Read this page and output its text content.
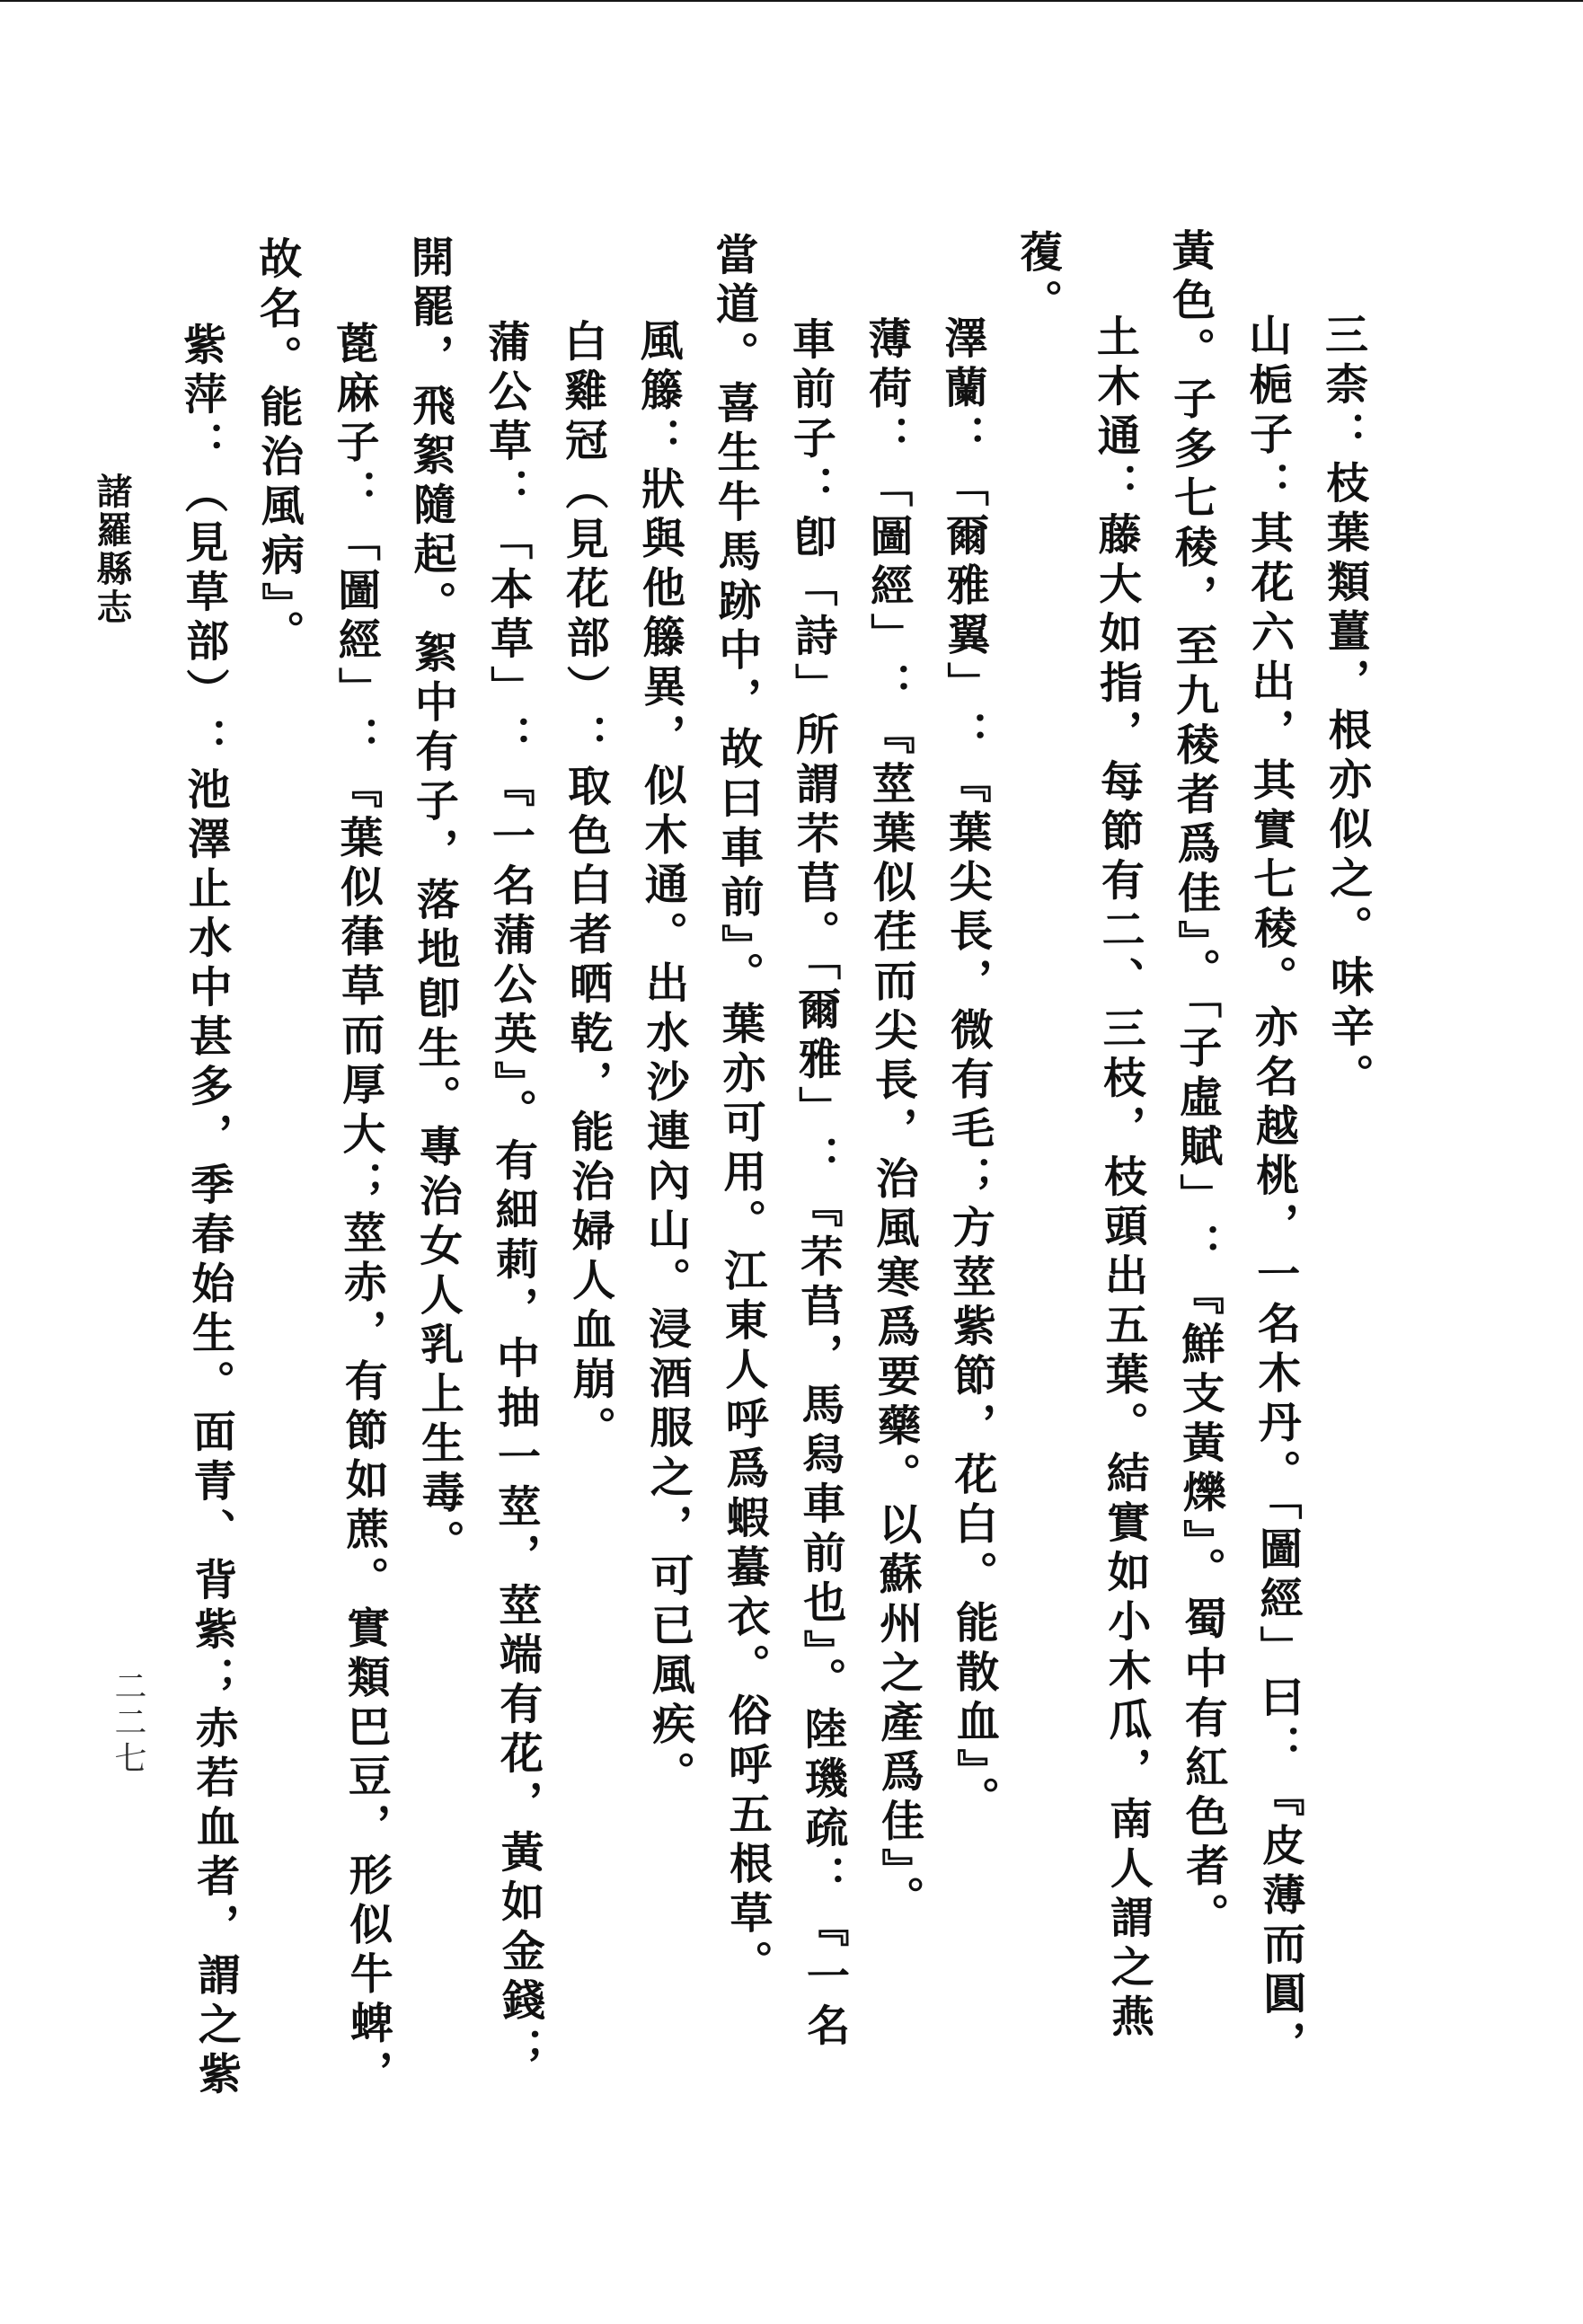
三柰：枝葉類薑，根亦似之。味辛。
山梔子：其花六出，其實七稜。亦名越桃，一名木丹。「圖經」曰：『皮薄而圓，
黃色。子多七稜，至九稜者爲佳』。「子虛賦」：『鮮支黃爍』。蜀中有紅色者。
土木通：藤大如指，每節有二、三枝，枝頭出五葉。結實如小木瓜，南人謂之燕
蕧。
澤蘭：「爾雅翼」：『葉尖長，微有毛；方莖紫節，花白。能散血』。
薄荷：「圖經」：『莖葉似荏而尖長，治風寒爲要藥。以蘇州之產爲佳』。
車前子：卽「詩」所謂芣苢。「爾雅」：『芣苢，馬舄車前也』。陸璣疏：『一名
當道。喜生牛馬跡中，故曰車前』。葉亦可用。江東人呼爲蝦蟇衣。俗呼五根草。
風籐：狀與他籐異，似木通。出水沙連內山。浸酒服之，可已風疾。
白雞冠（見花部）：取色白者晒乾，能治婦人血崩。
蒲公草：「本草」：『一名蒲公英』。有細莿，中抽一莖，莖端有花，黃如金錢；
開罷，飛絮隨起。絮中有子，落地卽生。專治女人乳上生毒。
蓖麻子：「圖經」：『葉似葎草而厚大；莖赤，有節如蔗。實類巴豆，形似牛蜱，
故名。能治風病』。
紫萍：（見草部）：池澤止水中甚多，季春始生。面青、背紫；赤若血者，謂之紫
諸羅縣志
二二七
